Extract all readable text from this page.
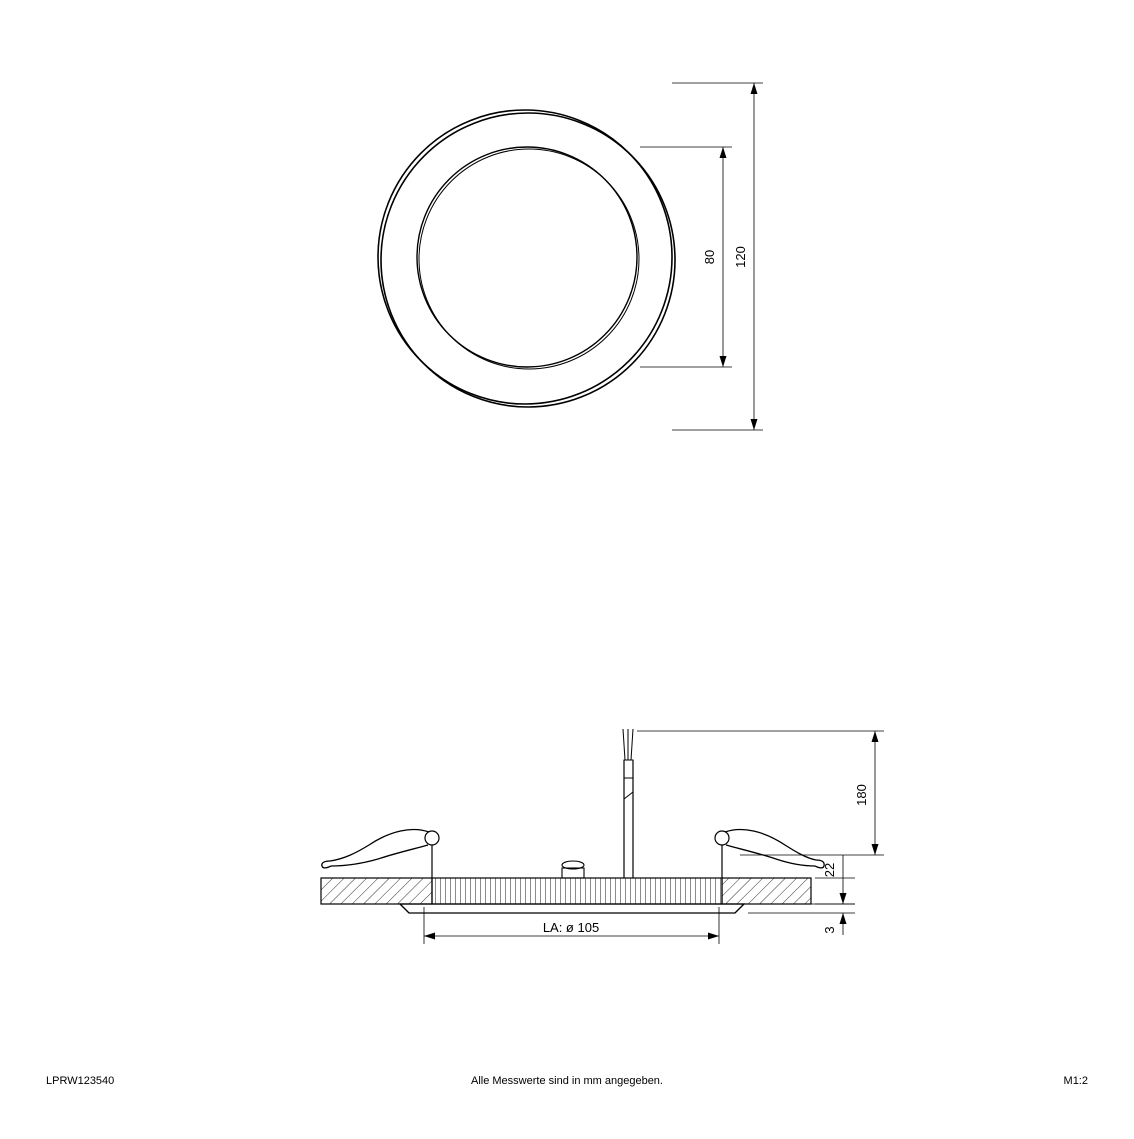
80 120
180
22
3
LA: ø 105
LPRW123540	Alle Messwerte sind in mm angegeben.	M1:2
